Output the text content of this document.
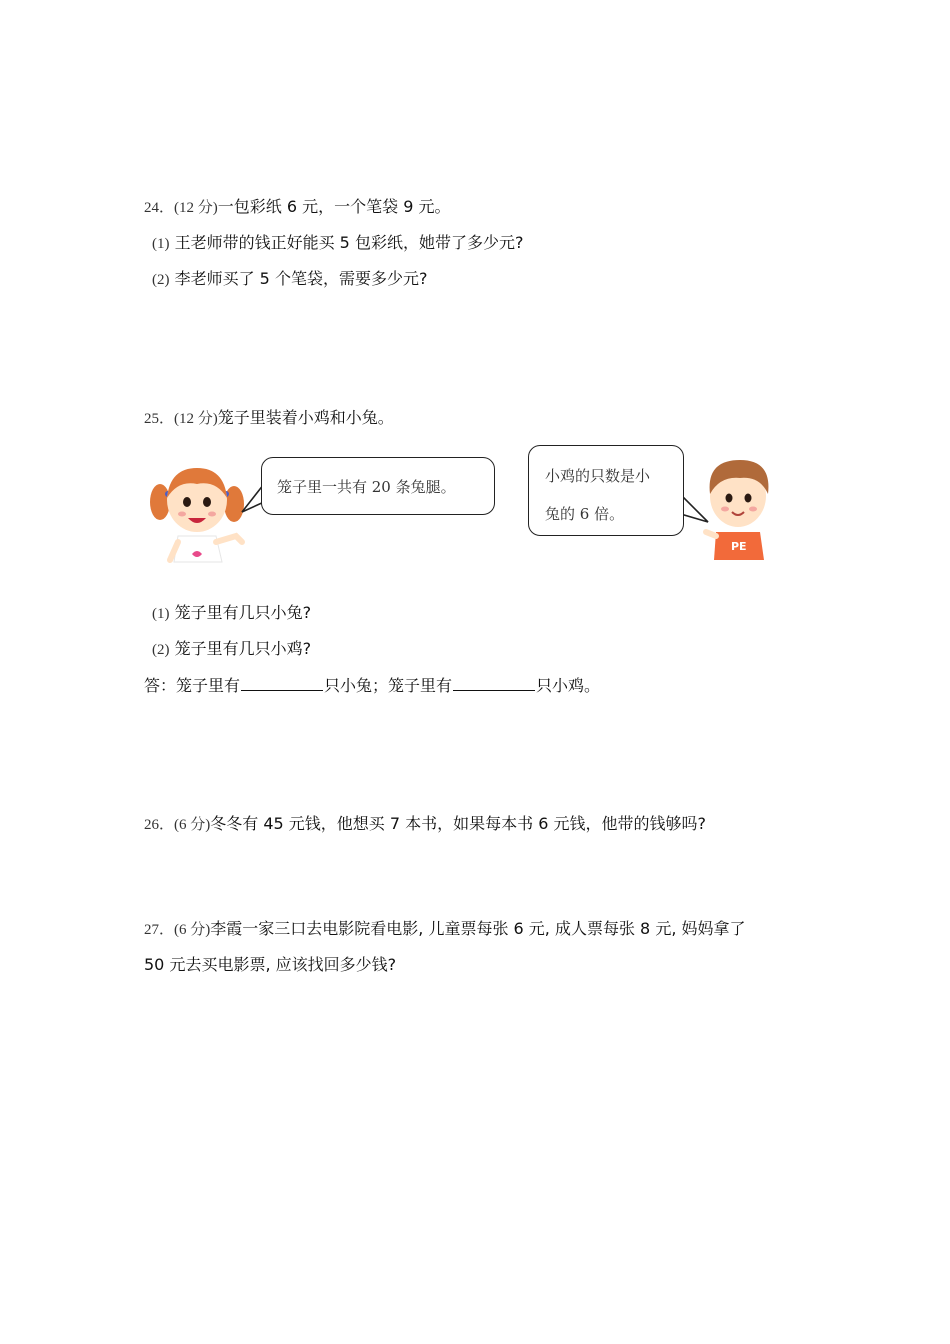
24．(12 分)一包彩纸 6 元，一个笔袋 9 元。
(1) 王老师带的钱正好能买 5 包彩纸，她带了多少元?
(2) 李老师买了 5 个笔袋，需要多少元?
25．(12 分)笼子里装着小鸡和小兔。
笼子里一共有 20 条兔腿。
小鸡的只数是小
兔的 6 倍。
PE
(1) 笼子里有几只小兔?
(2) 笼子里有几只小鸡?
答：笼子里有	只小兔；笼子里有	只小鸡。
26．(6 分)冬冬有 45 元钱，他想买 7 本书，如果每本书 6 元钱，他带的钱够吗?
27．(6 分)李霞一家三口去电影院看电影, 儿童票每张 6 元, 成人票每张 8 元, 妈妈拿了
50 元去买电影票, 应该找回多少钱?
